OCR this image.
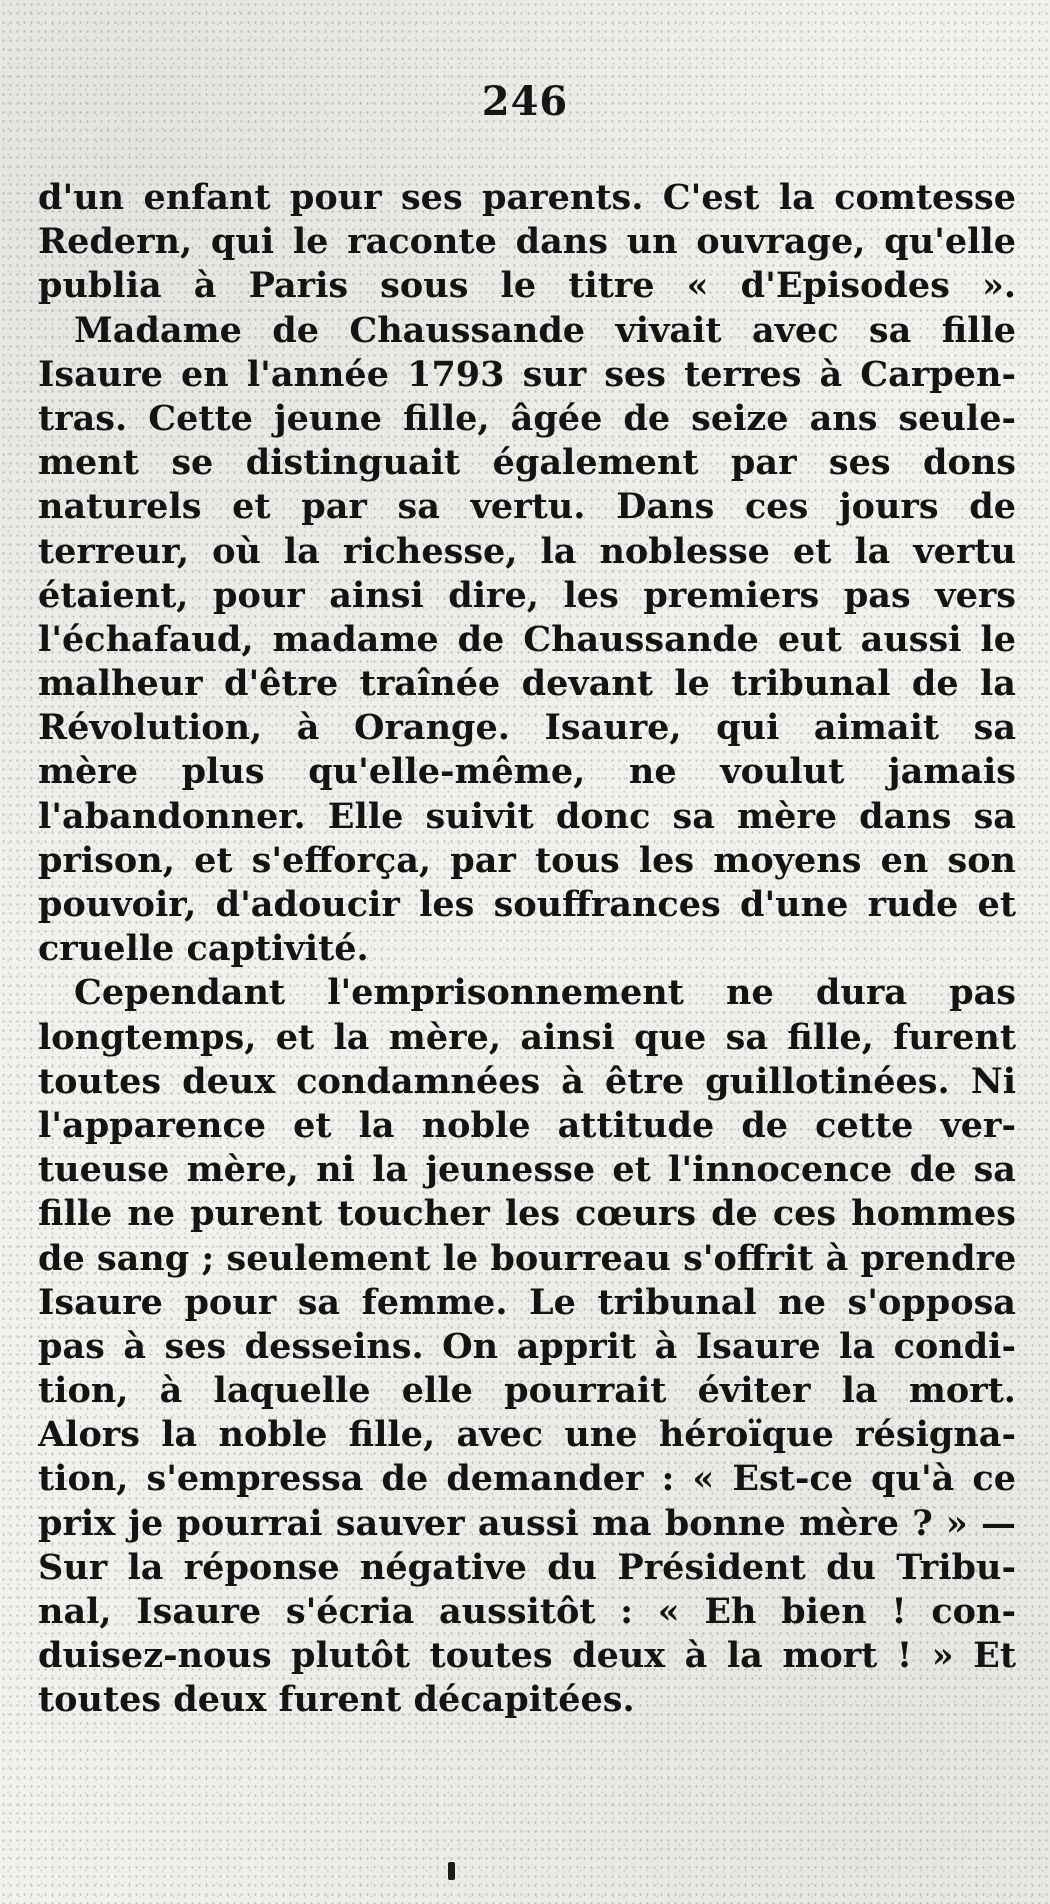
246
d'un enfant pour ses parents. C'est la comtesse
Redern, qui le raconte dans un ouvrage, qu'elle
publia à Paris sous le titre « d'Episodes ».
Madame de Chaussande vivait avec sa fille
Isaure en l'année 1793 sur ses terres à Carpen-
tras. Cette jeune fille, âgée de seize ans seule-
ment se distinguait également par ses dons
naturels et par sa vertu. Dans ces jours de
terreur, où la richesse, la noblesse et la vertu
étaient, pour ainsi dire, les premiers pas vers
l'échafaud, madame de Chaussande eut aussi le
malheur d'être traînée devant le tribunal de la
Révolution, à Orange. Isaure, qui aimait sa
mère plus qu'elle-même, ne voulut jamais
l'abandonner. Elle suivit donc sa mère dans sa
prison, et s'efforça, par tous les moyens en son
pouvoir, d'adoucir les souffrances d'une rude et
cruelle captivité.
Cependant l'emprisonnement ne dura pas
longtemps, et la mère, ainsi que sa fille, furent
toutes deux condamnées à être guillotinées. Ni
l'apparence et la noble attitude de cette ver-
tueuse mère, ni la jeunesse et l'innocence de sa
fille ne purent toucher les cœurs de ces hommes
de sang ; seulement le bourreau s'offrit à prendre
Isaure pour sa femme. Le tribunal ne s'opposa
pas à ses desseins. On apprit à Isaure la condi-
tion, à laquelle elle pourrait éviter la mort.
Alors la noble fille, avec une héroïque résigna-
tion, s'empressa de demander : « Est-ce qu'à ce
prix je pourrai sauver aussi ma bonne mère ? » —
Sur la réponse négative du Président du Tribu-
nal, Isaure s'écria aussitôt : « Eh bien ! con-
duisez-nous plutôt toutes deux à la mort ! » Et
toutes deux furent décapitées.
